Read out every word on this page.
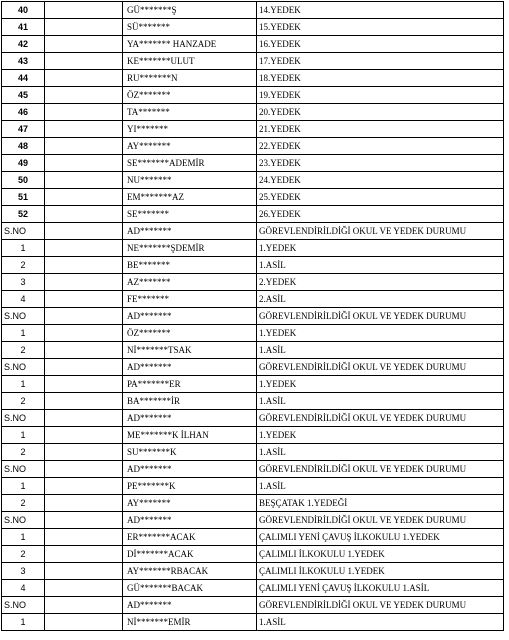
40		GÜ*******Ş	14.YEDEK
41		SÜ*******	15.YEDEK
42		YA******* HANZADE	16.YEDEK
43		KE*******ULUT	17.YEDEK
44		RU*******N	18.YEDEK
45		ÖZ*******	19.YEDEK
46		TA*******	20.YEDEK
47		YI*******	21.YEDEK
48		AY*******	22.YEDEK
49		SE*******ADEMİR	23.YEDEK
50		NU*******	24.YEDEK
51		EM*******AZ	25.YEDEK
52		SE*******	26.YEDEK
S.NO		AD*******	GÖREVLENDİRİLDİĞİ OKUL VE YEDEK DURUMU
1		NE*******ŞDEMİR	1.YEDEK
2		BE*******	1.ASİL
3		AZ*******	2.YEDEK
4		FE*******	2.ASİL
S.NO		AD*******	GÖREVLENDİRİLDİĞİ OKUL VE YEDEK DURUMU
1		ÖZ*******	1.YEDEK
2		Nİ*******TSAK	1.ASİL
S.NO		AD*******	GÖREVLENDİRİLDİĞİ OKUL VE YEDEK DURUMU
1		PA*******ER	1.YEDEK
2		BA*******İR	1.ASİL
S.NO		AD*******	GÖREVLENDİRİLDİĞİ OKUL VE YEDEK DURUMU
1		ME*******K İLHAN	1.YEDEK
2		SU*******K	1.ASİL
S.NO		AD*******	GÖREVLENDİRİLDİĞİ OKUL VE YEDEK DURUMU
1		PE*******K	1.ASİL
2		AY*******	BEŞÇATAK 1.YEDEĞİ
S.NO		AD*******	GÖREVLENDİRİLDİĞİ OKUL VE YEDEK DURUMU
1		ER*******ACAK	ÇALIMLI YENİ ÇAVUŞ İLKOKULU 1.YEDEK
2		Dİ*******ACAK	ÇALIMLI İLKOKULU 1.YEDEK
3		AY*******RBACAK	ÇALIMLI İLKOKULU 1.YEDEK
4		GÜ*******BACAK	ÇALIMLI YENİ ÇAVUŞ İLKOKULU 1.ASİL
S.NO		AD*******	GÖREVLENDİRİLDİĞİ OKUL VE YEDEK DURUMU
1		Nİ*******EMİR	1.ASİL
